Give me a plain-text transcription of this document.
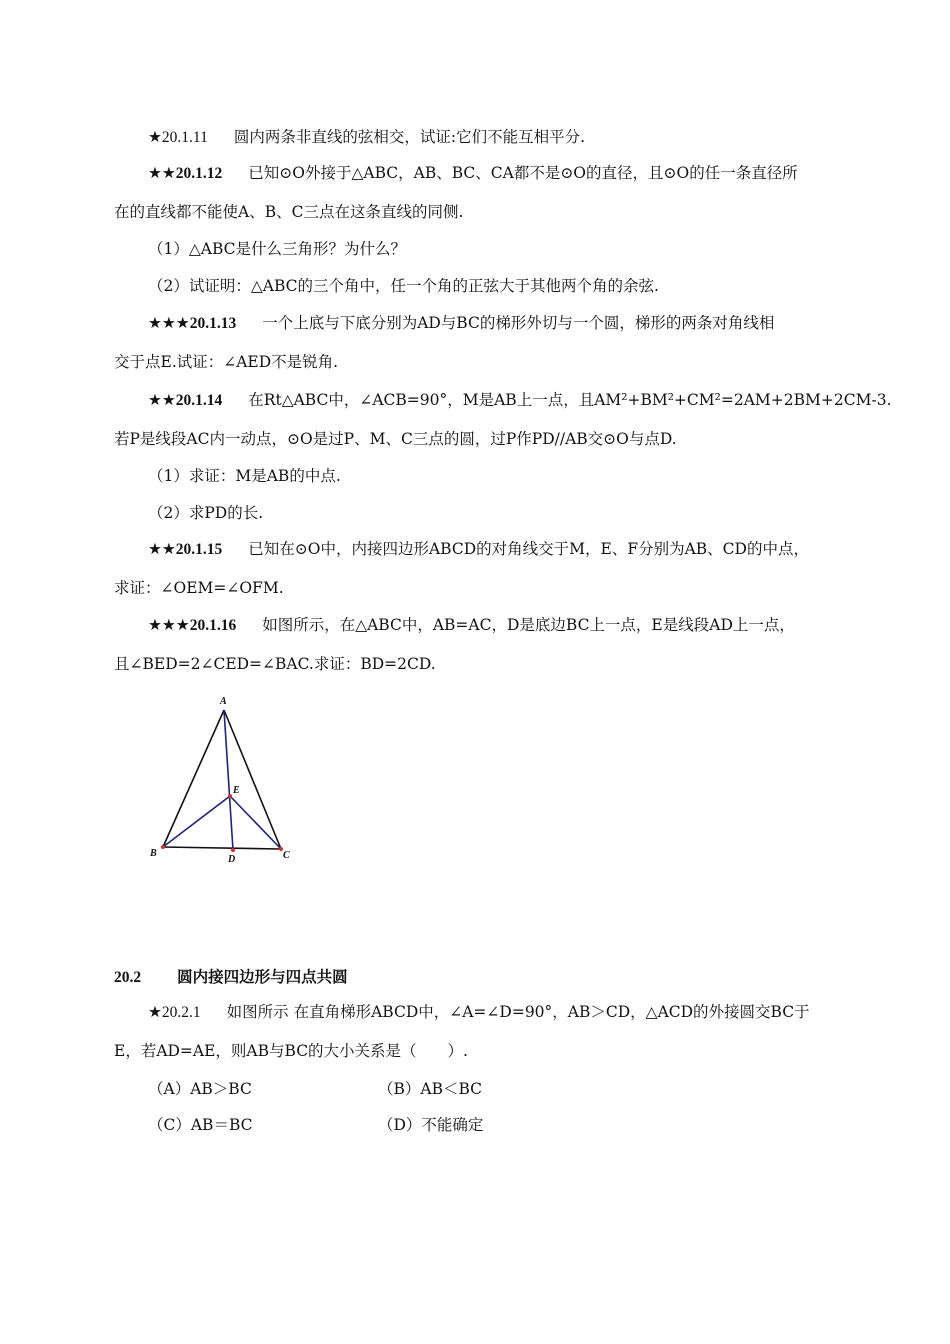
★20.1.11 圆内两条非直线的弦相交，试证:它们不能互相平分.
★★20.1.12 已知⊙O外接于△ABC，AB、BC、CA都不是⊙O的直径，且⊙O的任一条直径所
在的直线都不能使A、B、C三点在这条直线的同侧.
（1）△ABC是什么三角形？为什么？
（2）试证明：△ABC的三个角中，任一个角的正弦大于其他两个角的余弦.
★★★20.1.13 一个上底与下底分别为AD与BC的梯形外切与一个圆，梯形的两条对角线相
交于点E.试证：∠AED不是锐角.
★★20.1.14 在Rt△ABC中，∠ACB=90°，M是AB上一点，且AM²+BM²+CM²=2AM+2BM+2CM-3.
若P是线段AC内一动点，⊙O是过P、M、C三点的圆，过P作PD//AB交⊙O与点D.
（1）求证：M是AB的中点.
（2）求PD的长.
★★20.1.15 已知在⊙O中，内接四边形ABCD的对角线交于M，E、F分别为AB、CD的中点，
求证：∠OEM=∠OFM.
★★★20.1.16 如图所示，在△ABC中，AB=AC，D是底边BC上一点，E是线段AD上一点，
且∠BED=2∠CED=∠BAC.求证：BD=2CD.
A
B	C
D
E
20.2 圆内接四边形与四点共圆
★20.2.1 如图所示 在直角梯形ABCD中，∠A=∠D=90°，AB＞CD，△ACD的外接圆交BC于
E，若AD=AE，则AB与BC的大小关系是（　　）.
（A）AB＞BC	（B）AB＜BC
（C）AB＝BC	（D）不能确定
